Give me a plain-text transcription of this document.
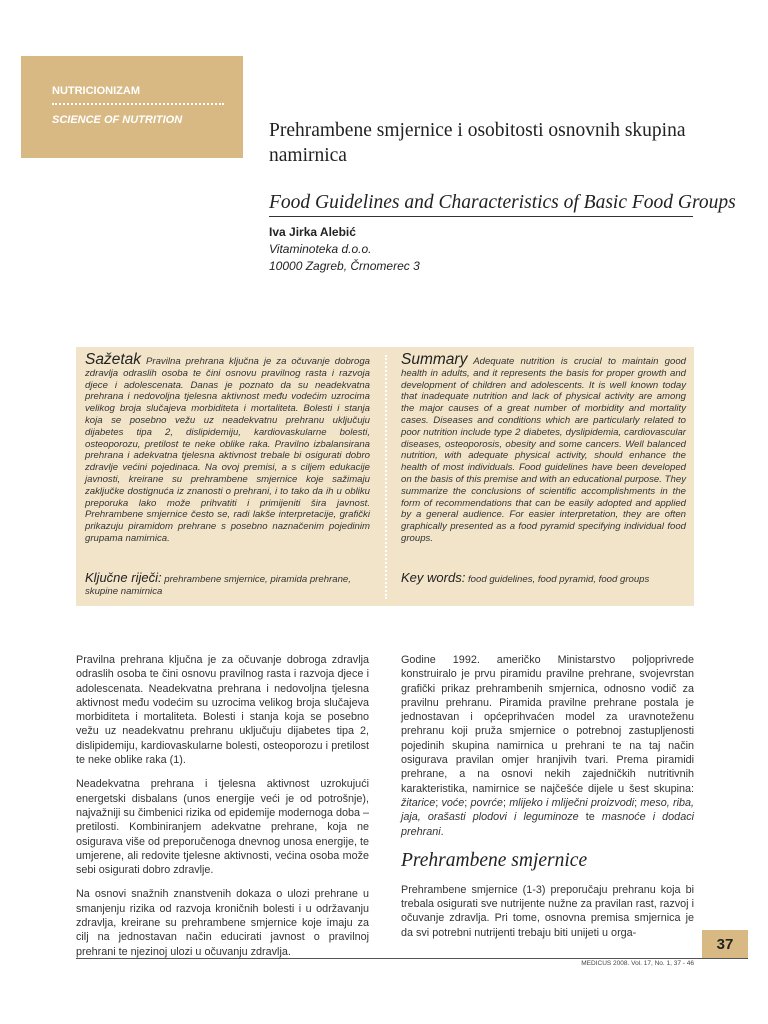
NUTRICIONIZAM
SCIENCE OF NUTRITION	Prehrambene smjernice i osobitosti osnovnih skupina namirnica
Food Guidelines and Characteristics of Basic Food Groups
Iva Jirka Alebić
Vitaminoteka d.o.o.
10000 Zagreb, Črnomerec 3
Sažetak Pravilna prehrana ključna je za očuvanje dobroga zdravlja odraslih osoba te čini osnovu pravilnog rasta i razvoja djece i adolescenata. Danas je poznato da su neadekvatna prehrana i nedovoljna tjelesna aktivnost među vodećim uzrocima velikog broja slučajeva morbiditeta i mortaliteta. Bolesti i stanja koja se posebno vežu uz neadekvatnu prehranu uključuju dijabetes tipa 2, dislipidemiju, kardiovaskularne bolesti, osteoporozu, pretilost te neke oblike raka. Pravilno izbalansirana prehrana i adekvatna tjelesna aktivnost trebale bi osigurati dobro zdravlje većini pojedinaca. Na ovoj premisi, a s ciljem edukacije javnosti, kreirane su prehrambene smjernice koje sažimaju zaključke dostignuća iz znanosti o prehrani, i to tako da ih u obliku preporuka lako može prihvatiti i primijeniti šira javnost. Prehrambene smjernice često se, radi lakše interpretacije, grafički prikazuju piramidom prehrane s posebno naznačenim pojedinim grupama namirnica.
Ključne riječi: prehrambene smjernice, piramida prehrane, skupine namirnica
Summary Adequate nutrition is crucial to maintain good health in adults, and it represents the basis for proper growth and development of children and adolescents. It is well known today that inadequate nutrition and lack of physical activity are among the major causes of a great number of morbidity and mortality cases. Diseases and conditions which are particularly related to poor nutrition include type 2 diabetes, dyslipidemia, cardiovascular diseases, osteoporosis, obesity and some cancers. Well balanced nutrition, with adequate physical activity, should enhance the health of most individuals. Food guidelines have been developed on the basis of this premise and with an educational purpose. They summarize the conclusions of scientific accomplishments in the form of recommendations that can be easily adopted and applied by a general audience. For easier interpretation, they are often graphically presented as a food pyramid specifying individual food groups.
Key words: food guidelines, food pyramid, food groups

Pravilna prehrana ključna je za očuvanje dobroga zdravlja odraslih osoba te čini osnovu pravilnog rasta i razvoja djece i adolescenata. Neadekvatna prehrana i nedovoljna tjelesna aktivnost među vodećim su uzrocima velikog broja slučajeva morbiditeta i mortaliteta. Bolesti i stanja koja se posebno vežu uz neadekvatnu prehranu uključuju dijabetes tipa 2, dislipidemiju, kardiovaskularne bolesti, osteoporozu i pretilost te neke oblike raka (1).

Neadekvatna prehrana i tjelesna aktivnost uzrokujući energetski disbalans (unos energije veći je od potrošnje), najvažniji su čimbenici rizika od epidemije modernoga doba – pretilosti. Kombiniranjem adekvatne prehrane, koja ne osigurava više od preporučenoga dnevnog unosa energije, te umjerene, ali redovite tjelesne aktivnosti, većina osoba može sebi osigurati dobro zdravlje.

Na osnovi snažnih znanstvenih dokaza o ulozi prehrane u smanjenju rizika od razvoja kroničnih bolesti i u održavanju zdravlja, kreirane su prehrambene smjernice koje imaju za cilj na jednostavan način educirati javnost o pravilnoj prehrani te njezinoj ulozi u očuvanju zdravlja.

Godine 1992. američko Ministarstvo poljoprivrede konstruiralo je prvu piramidu pravilne prehrane, svojevrstan grafički prikaz prehrambenih smjernica, odnosno vodič za pravilnu prehranu. Piramida pravilne prehrane postala je jednostavan i općeprihvaćen model za uravnoteženu prehranu koji pruža smjernice o potrebnoj zastupljenosti pojedinih skupina namirnica u prehrani te na taj način osigurava pravilan omjer hranjivih tvari. Prema piramidi prehrane, a na osnovi nekih zajedničkih nutritivnih karakteristika, namirnice se najčešće dijele u šest skupina: žitarice; voće; povrće; mlijeko i mliječni proizvodi; meso, riba, jaja, orašasti plodovi i leguminoze te masnoće i dodaci prehrani.

Prehrambene smjernice

Prehrambene smjernice (1-3) preporučaju prehranu koja bi trebala osigurati sve nutrijente nužne za pravilan rast, razvoj i očuvanje zdravlja. Pri tome, osnovna premisa smjernica je da svi potrebni nutrijenti trebaju biti unijeti u orga-

37
MEDICUS 2008. Vol. 17, No. 1, 37 - 46
